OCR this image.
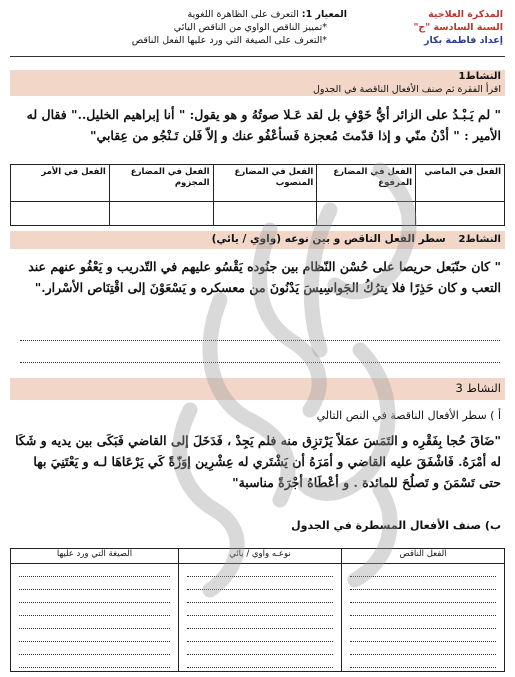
المذكرة العلاجية
السنة السادسة "ج"
إعداد فاطمة بكار
المعيار 1: التعرف على الظاهرة اللغوية
*تمييز الناقص الواوي من الناقص اليائي
*التعرف على الصيغة التي ورد عليها الفعل الناقص
النشاط1
اقرأ الفقرة ثم صنف الأفعال الناقصة في الجدول
" لم يَـبْـدُ على الزائر أيُّ خَوْفٍ بل لقد عَـلا صوتُهُ و هو يقول: " أنا إبراهيم الخليل.." فقال له الأمير : " أدْنُ منّي و إذا قدّمتَ مُعجزة فَسأعْفُو عنك و إلاّ فَلن تَـنْجُو من عِقابي"
الفعل في الماضي	الفعل في المضارع المرفوع	الفعل في المضارع المنصوب	الفعل في المضارع المجزوم	الفعل في الأمر

النشاط2    سطر الفعل الناقص و بين نوعه (واوي / يائي)
" كان حنّبَعل حريصا على حُسْن النّظام بين جنُوده يَقْسُو عليهم في التّدريب و يَعْفُو عنهم عند التعب و كان حَذِرًا فلا يترُكُ الجَواسِيسَ يَدْنُونَ من معسكره و يَسْعَوْنَ إلى اقْتِنَاص الأسْرار."
النشاط 3
أ ) سطر الأفعال الناقصة في النص التالي
"ضَاقَ حُجا بِفَقْرِه و التَمَسَ عمَلاً يَرْتزِق منه فلم يَجِدْ ، فَدَخَلَ إلى القاضي فَبَكَى بين يديه و شَكَا له أمْرَهُ. فَاشْفَقَ عليه القاضي و أمَرَهُ أن يَشْتَري له عِشْرِين إوَزّةً كَي يَرْعَاهَا لـه و يَعْتَنِيَ بها حتى تَسْمَنَ و تَصلُحَ للمائدة . و أعْطَاهُ أجْرَةً مناسبة"
ب) صنف الأفعال المسطرة في الجدول
الفعل الناقص	نوعـه واوي / يائي	الصيغة التي ورد عليها
